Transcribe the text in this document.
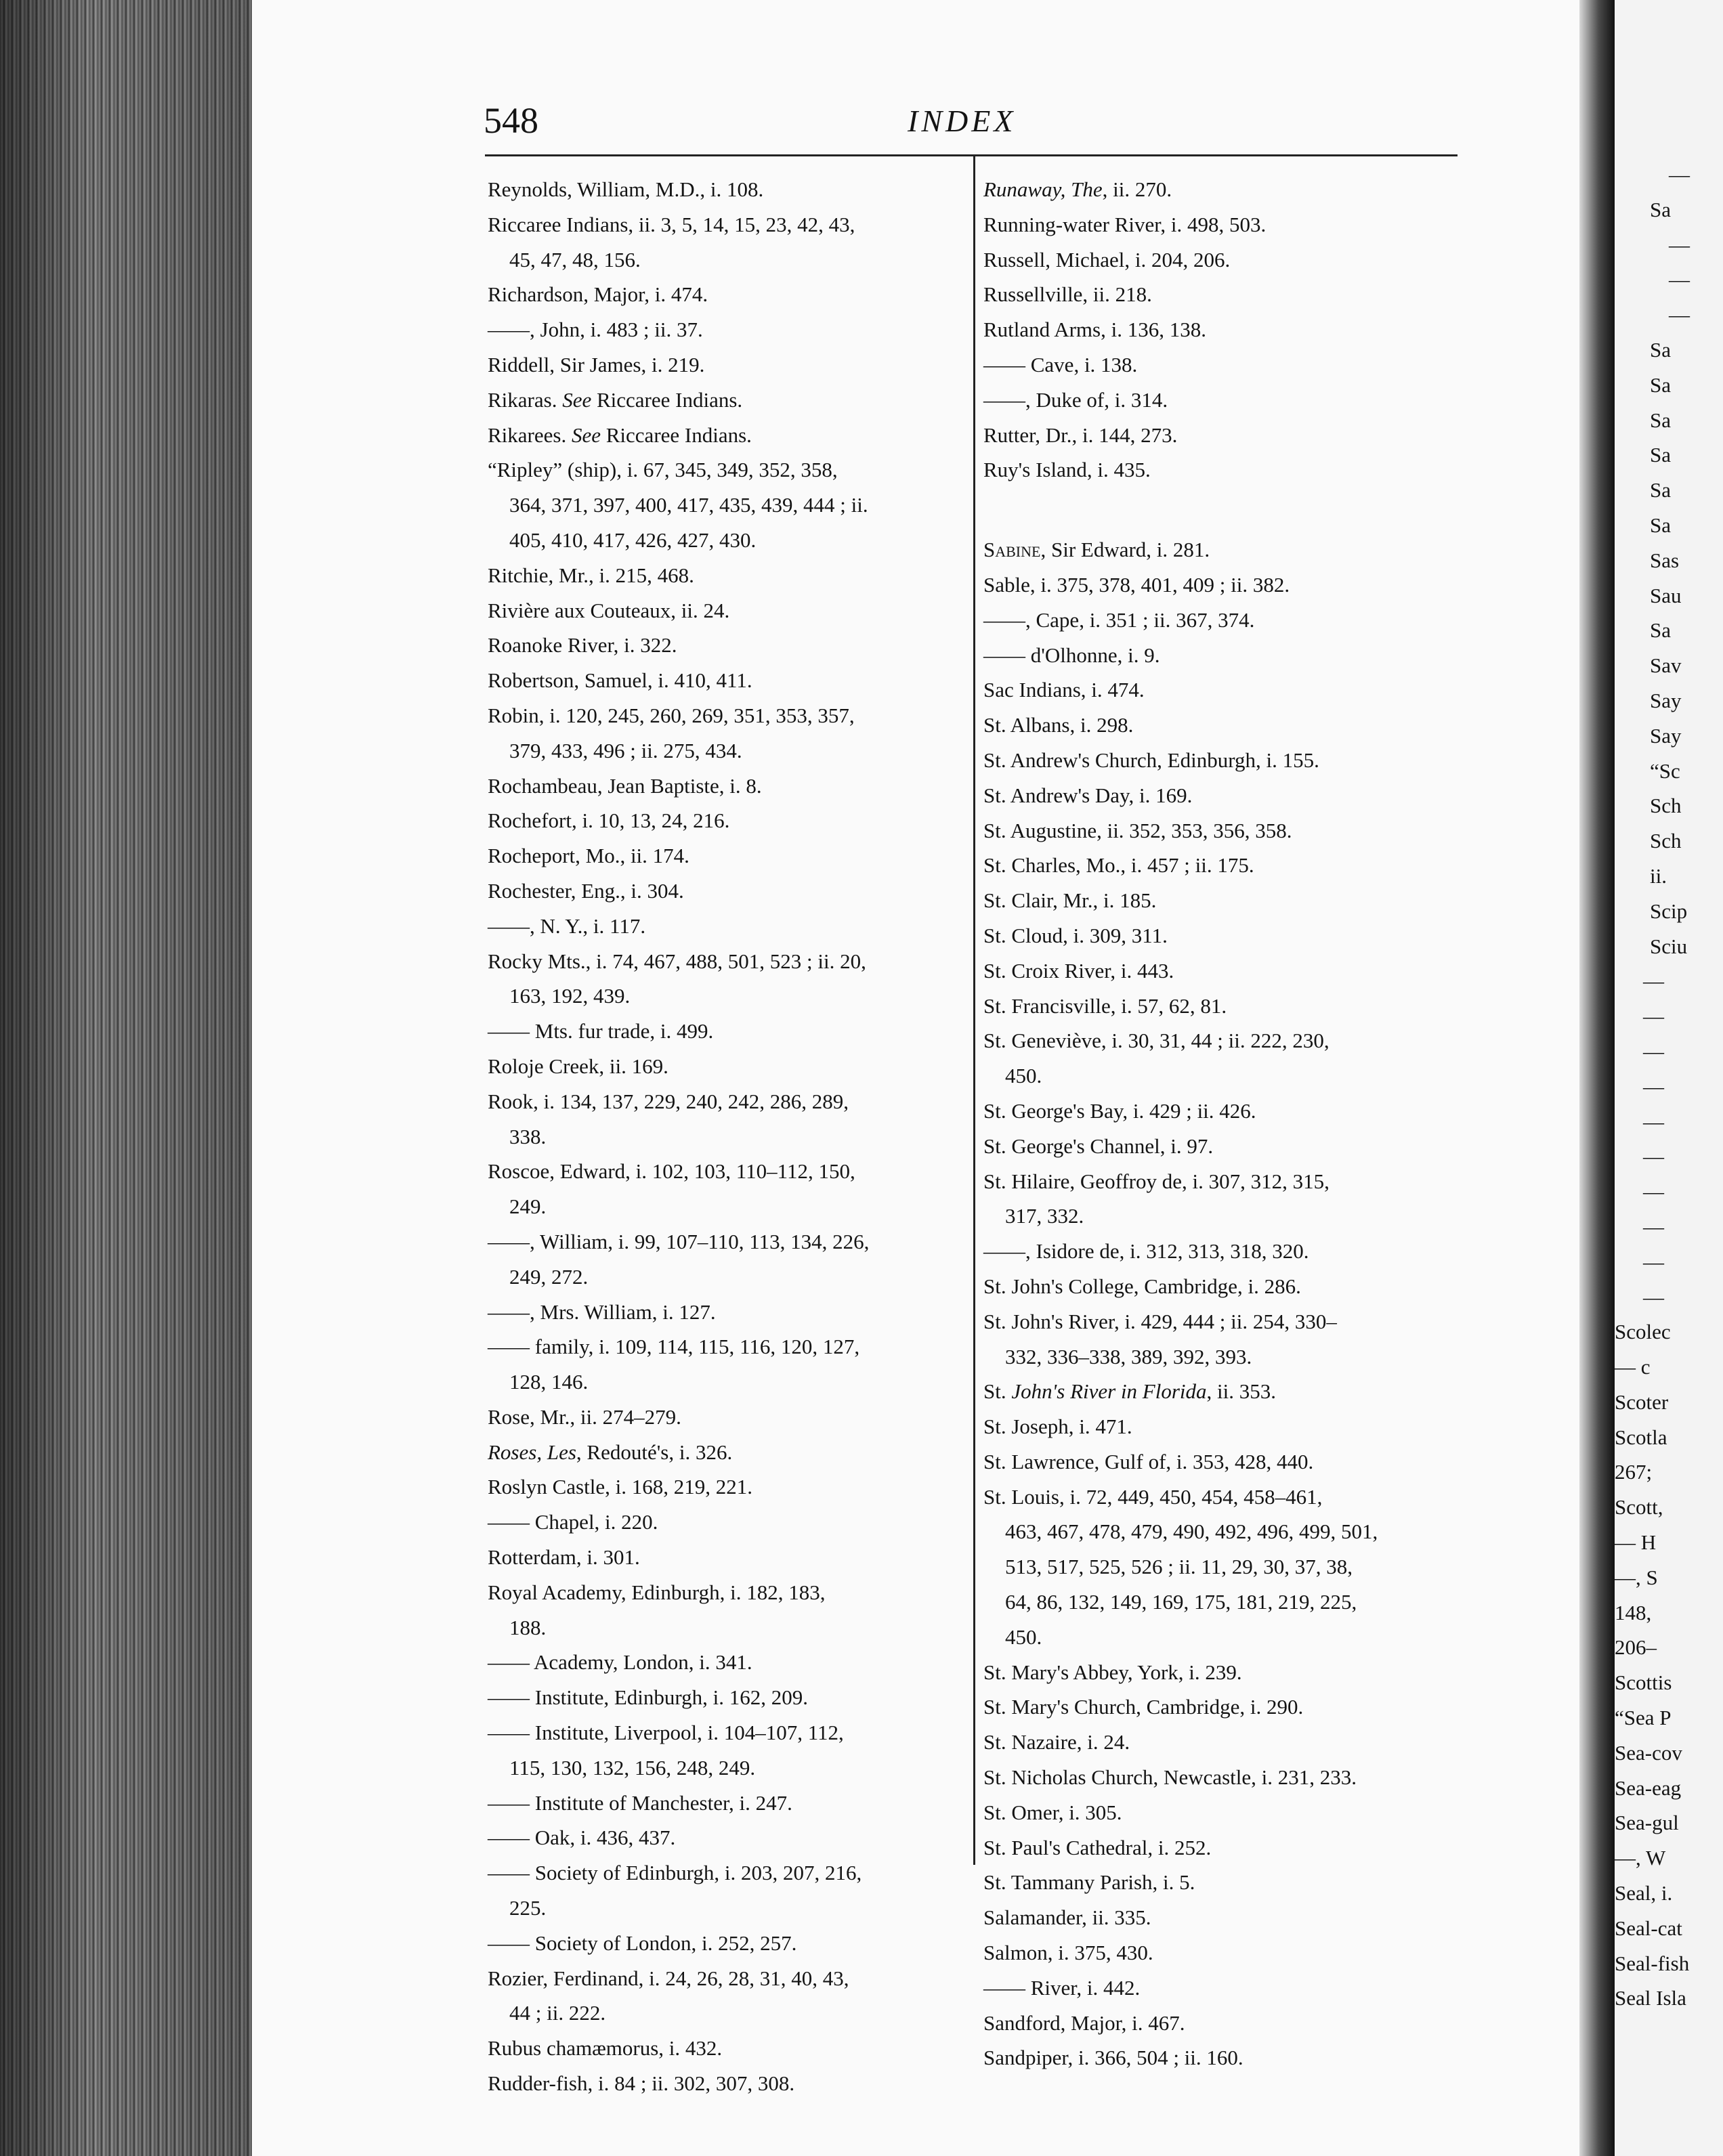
548	INDEX
Reynolds, William, M.D., i. 108.
Riccaree Indians, ii. 3, 5, 14, 15, 23, 42, 43,
45, 47, 48, 156.
Richardson, Major, i. 474.
——, John, i. 483 ; ii. 37.
Riddell, Sir James, i. 219.
Rikaras. See Riccaree Indians.
Rikarees. See Riccaree Indians.
“Ripley” (ship), i. 67, 345, 349, 352, 358,
364, 371, 397, 400, 417, 435, 439, 444 ; ii.
405, 410, 417, 426, 427, 430.
Ritchie, Mr., i. 215, 468.
Rivière aux Couteaux, ii. 24.
Roanoke River, i. 322.
Robertson, Samuel, i. 410, 411.
Robin, i. 120, 245, 260, 269, 351, 353, 357,
379, 433, 496 ; ii. 275, 434.
Rochambeau, Jean Baptiste, i. 8.
Rochefort, i. 10, 13, 24, 216.
Rocheport, Mo., ii. 174.
Rochester, Eng., i. 304.
——, N. Y., i. 117.
Rocky Mts., i. 74, 467, 488, 501, 523 ; ii. 20,
163, 192, 439.
—— Mts. fur trade, i. 499.
Roloje Creek, ii. 169.
Rook, i. 134, 137, 229, 240, 242, 286, 289,
338.
Roscoe, Edward, i. 102, 103, 110–112, 150,
249.
——, William, i. 99, 107–110, 113, 134, 226,
249, 272.
——, Mrs. William, i. 127.
—— family, i. 109, 114, 115, 116, 120, 127,
128, 146.
Rose, Mr., ii. 274–279.
Roses, Les, Redouté's, i. 326.
Roslyn Castle, i. 168, 219, 221.
—— Chapel, i. 220.
Rotterdam, i. 301.
Royal Academy, Edinburgh, i. 182, 183,
188.
—— Academy, London, i. 341.
—— Institute, Edinburgh, i. 162, 209.
—— Institute, Liverpool, i. 104–107, 112,
115, 130, 132, 156, 248, 249.
—— Institute of Manchester, i. 247.
—— Oak, i. 436, 437.
—— Society of Edinburgh, i. 203, 207, 216,
225.
—— Society of London, i. 252, 257.
Rozier, Ferdinand, i. 24, 26, 28, 31, 40, 43,
44 ; ii. 222.
Rubus chamæmorus, i. 432.
Rudder-fish, i. 84 ; ii. 302, 307, 308.
Runaway, The, ii. 270.
Running-water River, i. 498, 503.
Russell, Michael, i. 204, 206.
Russellville, ii. 218.
Rutland Arms, i. 136, 138.
—— Cave, i. 138.
——, Duke of, i. 314.
Rutter, Dr., i. 144, 273.
Ruy's Island, i. 435.
Sabine, Sir Edward, i. 281.
Sable, i. 375, 378, 401, 409 ; ii. 382.
——, Cape, i. 351 ; ii. 367, 374.
—— d'Olhonne, i. 9.
Sac Indians, i. 474.
St. Albans, i. 298.
St. Andrew's Church, Edinburgh, i. 155.
St. Andrew's Day, i. 169.
St. Augustine, ii. 352, 353, 356, 358.
St. Charles, Mo., i. 457 ; ii. 175.
St. Clair, Mr., i. 185.
St. Cloud, i. 309, 311.
St. Croix River, i. 443.
St. Francisville, i. 57, 62, 81.
St. Geneviève, i. 30, 31, 44 ; ii. 222, 230,
450.
St. George's Bay, i. 429 ; ii. 426.
St. George's Channel, i. 97.
St. Hilaire, Geoffroy de, i. 307, 312, 315,
317, 332.
——, Isidore de, i. 312, 313, 318, 320.
St. John's College, Cambridge, i. 286.
St. John's River, i. 429, 444 ; ii. 254, 330–
332, 336–338, 389, 392, 393.
St. John's River in Florida, ii. 353.
St. Joseph, i. 471.
St. Lawrence, Gulf of, i. 353, 428, 440.
St. Louis, i. 72, 449, 450, 454, 458–461,
463, 467, 478, 479, 490, 492, 496, 499, 501,
513, 517, 525, 526 ; ii. 11, 29, 30, 37, 38,
64, 86, 132, 149, 169, 175, 181, 219, 225,
450.
St. Mary's Abbey, York, i. 239.
St. Mary's Church, Cambridge, i. 290.
St. Nazaire, i. 24.
St. Nicholas Church, Newcastle, i. 231, 233.
St. Omer, i. 305.
St. Paul's Cathedral, i. 252.
St. Tammany Parish, i. 5.
Salamander, ii. 335.
Salmon, i. 375, 430.
—— River, i. 442.
Sandford, Major, i. 467.
Sandpiper, i. 366, 504 ; ii. 160.
—
Sa
—
—
—
Sa
Sa
Sa
Sa
Sa
Sa
Sas
Sau
Sa
Sav
Say
Say
“Sc
Sch
Sch
ii.
Scip
Sciu
—
—
—
—
—
—
—
—
—
—
Scolec
— c
Scoter
Scotla
267;
Scott,
— H
—, S
148,
206–
Scottis
“Sea P
Sea-cov
Sea-eag
Sea-gul
—, W
Seal, i.
Seal-cat
Seal-fish
Seal Isla
